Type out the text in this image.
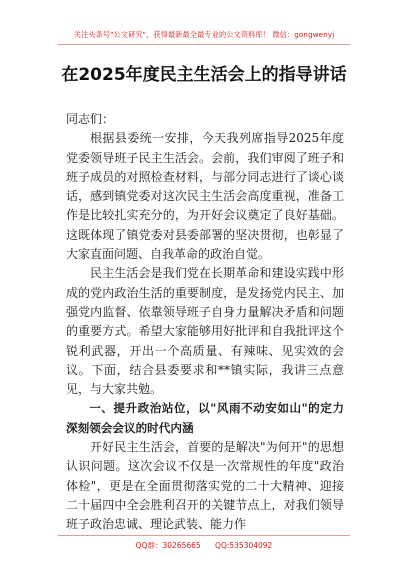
关注头条号"公文研究"，获得最新最全最专业的公文资料库！ 微信：gongwenyj
在2025年度民主生活会上的指导讲话

同志们：

根据县委统一安排，今天我列席指导2025年度党委领导班子民主生活会。会前，我们审阅了班子和班子成员的对照检查材料，与部分同志进行了谈心谈话，感到镇党委对这次民主生活会高度重视，准备工作是比较扎实充分的，为开好会议奠定了良好基础。这既体现了镇党委对县委部署的坚决贯彻，也彰显了大家直面问题、自我革命的政治自觉。

民主生活会是我们党在长期革命和建设实践中形成的党内政治生活的重要制度，是发扬党内民主、加强党内监督、依靠领导班子自身力量解决矛盾和问题的重要方式。希望大家能够用好批评和自我批评这个锐利武器，开出一个高质量、有辣味、见实效的会议。下面，结合县委要求和**镇实际，我讲三点意见，与大家共勉。

一、提升政治站位，以"风雨不动安如山"的定力深刻领会会议的时代内涵

开好民主生活会，首要的是解决"为何开"的思想认识问题。这次会议不仅是一次常规性的年度"政治体检"，更是在全面贯彻落实党的二十大精神、迎接二十届四中全会胜利召开的关键节点上，对我们领导班子政治忠诚、理论武装、能力作

QQ群：30265665 QQ:535304092
